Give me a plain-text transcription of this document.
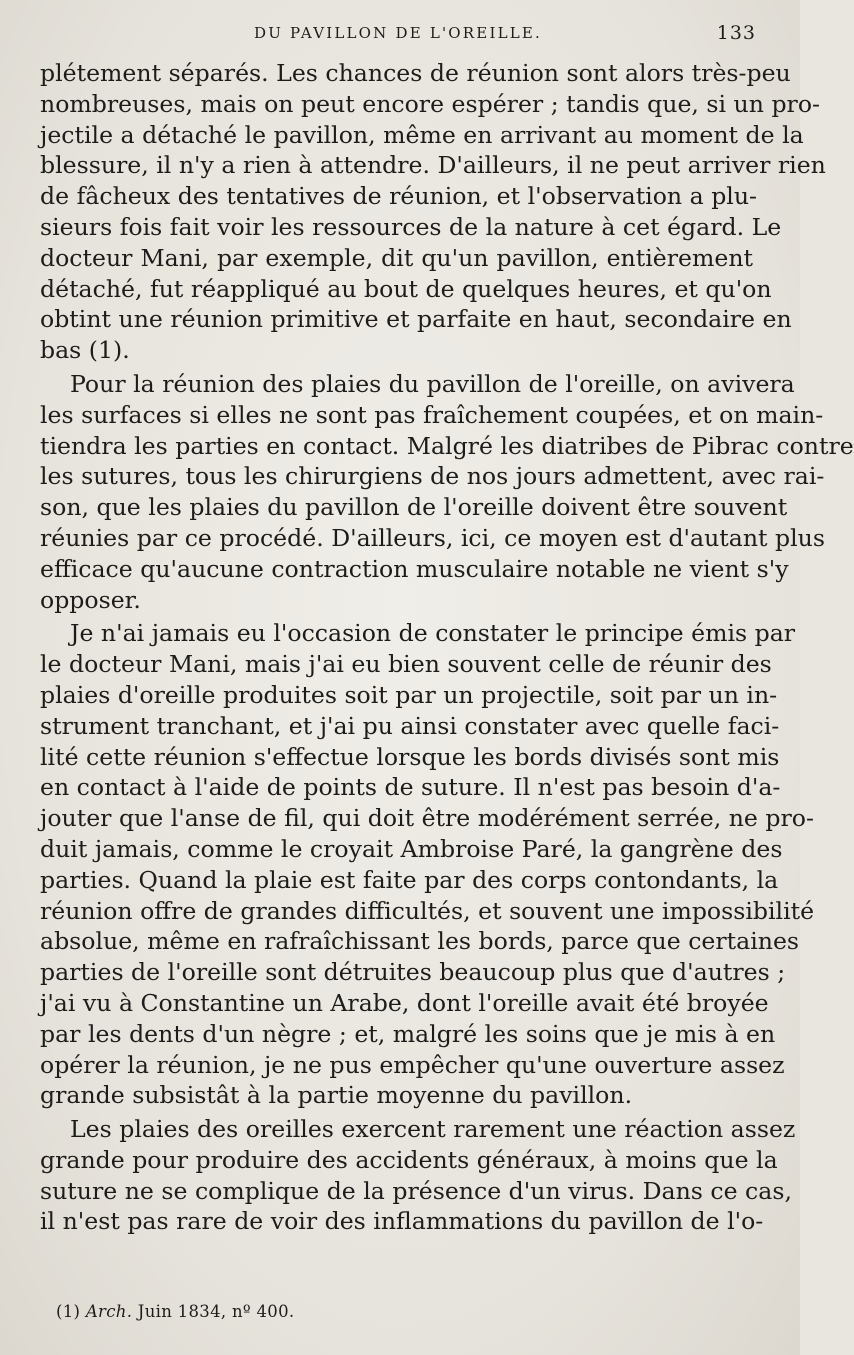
DU PAVILLON DE L'OREILLE.	133
plétement séparés. Les chances de réunion sont alors très-peu
nombreuses, mais on peut encore espérer ; tandis que, si un pro-
jectile a détaché le pavillon, même en arrivant au moment de la
blessure, il n'y a rien à attendre. D'ailleurs, il ne peut arriver rien
de fâcheux des tentatives de réunion, et l'observation a plu-
sieurs fois fait voir les ressources de la nature à cet égard. Le
docteur Mani, par exemple, dit qu'un pavillon, entièrement
détaché, fut réappliqué au bout de quelques heures, et qu'on
obtint une réunion primitive et parfaite en haut, secondaire en
bas (1).
Pour la réunion des plaies du pavillon de l'oreille, on avivera
les surfaces si elles ne sont pas fraîchement coupées, et on main-
tiendra les parties en contact. Malgré les diatribes de Pibrac contre
les sutures, tous les chirurgiens de nos jours admettent, avec rai-
son, que les plaies du pavillon de l'oreille doivent être souvent
réunies par ce procédé. D'ailleurs, ici, ce moyen est d'autant plus
efficace qu'aucune contraction musculaire notable ne vient s'y
opposer.
Je n'ai jamais eu l'occasion de constater le principe émis par
le docteur Mani, mais j'ai eu bien souvent celle de réunir des
plaies d'oreille produites soit par un projectile, soit par un in-
strument tranchant, et j'ai pu ainsi constater avec quelle faci-
lité cette réunion s'effectue lorsque les bords divisés sont mis
en contact à l'aide de points de suture. Il n'est pas besoin d'a-
jouter que l'anse de fil, qui doit être modérément serrée, ne pro-
duit jamais, comme le croyait Ambroise Paré, la gangrène des
parties. Quand la plaie est faite par des corps contondants, la
réunion offre de grandes difficultés, et souvent une impossibilité
absolue, même en rafraîchissant les bords, parce que certaines
parties de l'oreille sont détruites beaucoup plus que d'autres ;
j'ai vu à Constantine un Arabe, dont l'oreille avait été broyée
par les dents d'un nègre ; et, malgré les soins que je mis à en
opérer la réunion, je ne pus empêcher qu'une ouverture assez
grande subsistât à la partie moyenne du pavillon.
Les plaies des oreilles exercent rarement une réaction assez
grande pour produire des accidents généraux, à moins que la
suture ne se complique de la présence d'un virus. Dans ce cas,
il n'est pas rare de voir des inflammations du pavillon de l'o-
(1) Arch. Juin 1834, nº 400.
